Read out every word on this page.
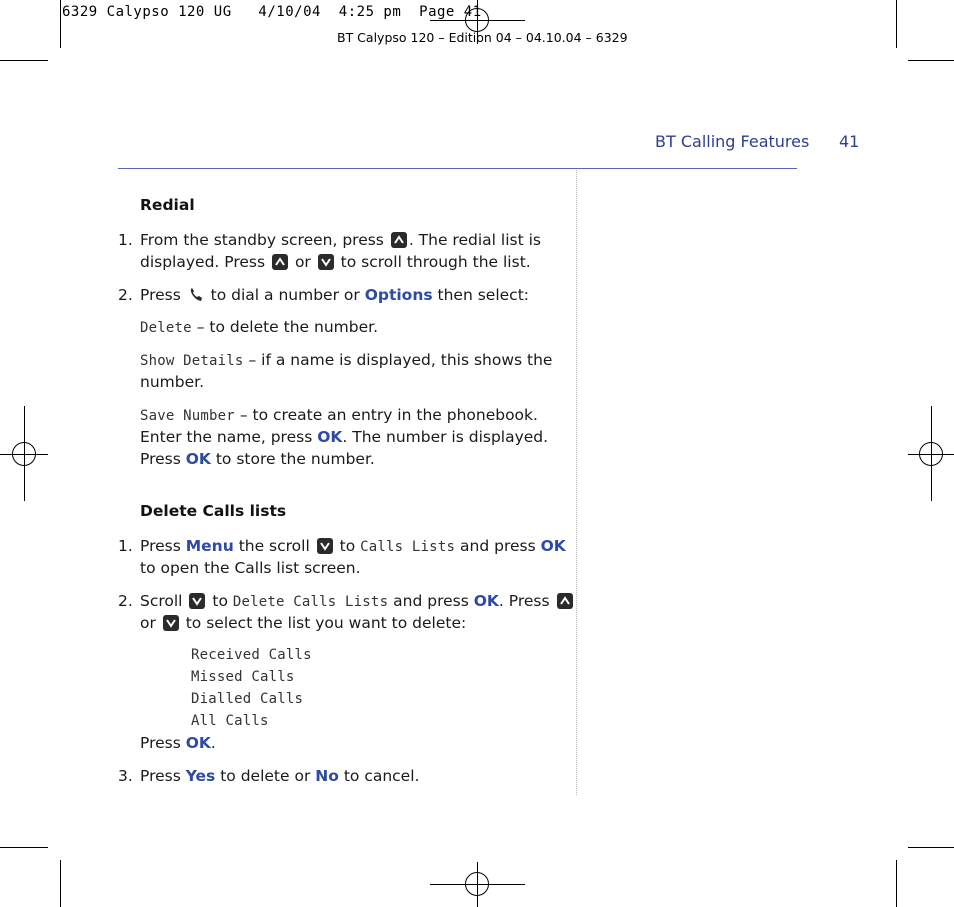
6329 Calypso 120 UG   4/10/04  4:25 pm  Page 41
BT Calypso 120 – Edition 04 – 04.10.04 – 6329
BT Calling Features 41
Redial
1. From the standby screen, press . The redial list is
displayed. Press or to scroll through the list.
2. Press to dial a number or Options then select:
Delete – to delete the number.
Show Details – if a name is displayed, this shows the
number.
Save Number – to create an entry in the phonebook.
Enter the name, press OK. The number is displayed.
Press OK to store the number.
Delete Calls lists
1. Press Menu the scroll to Calls Lists and press OK
to open the Calls list screen.
2. Scroll to Delete Calls Lists and press OK. Press
or to select the list you want to delete:
Received Calls
Missed Calls
Dialled Calls
All Calls
Press OK.
3. Press Yes to delete or No to cancel.
